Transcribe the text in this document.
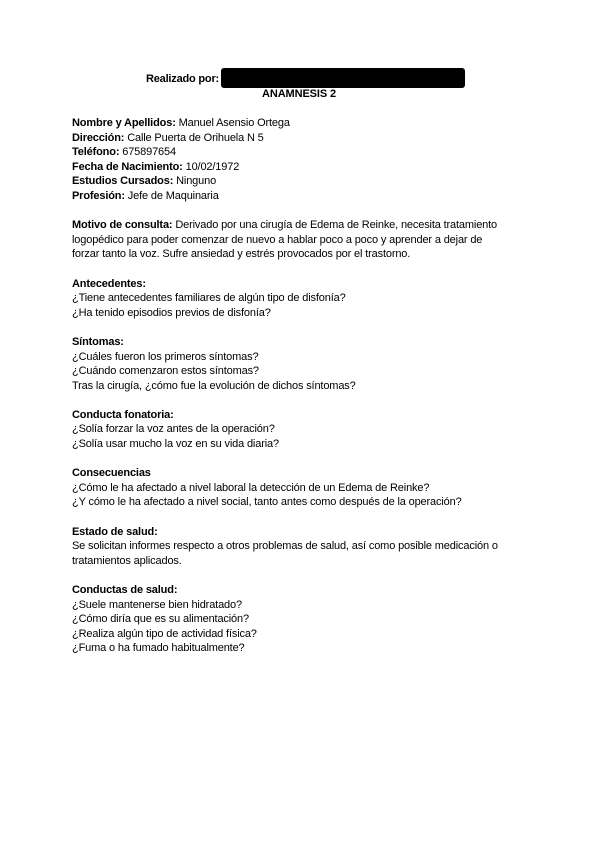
Realizado por:
ANAMNESIS 2
Nombre y Apellidos: Manuel Asensio Ortega
Dirección: Calle Puerta de Orihuela N 5
Teléfono: 675897654
Fecha de Nacimiento: 10/02/1972
Estudios Cursados: Ninguno
Profesión: Jefe de Maquinaria
Motivo de consulta: Derivado por una cirugía de Edema de Reinke, necesita tratamiento
logopédico para poder comenzar de nuevo a hablar poco a poco y aprender a dejar de
forzar tanto la voz. Sufre ansiedad y estrés provocados por el trastorno.
Antecedentes:
¿Tiene antecedentes familiares de algún tipo de disfonía?
¿Ha tenido episodios previos de disfonía?
Síntomas:
¿Cuáles fueron los primeros síntomas?
¿Cuándo comenzaron estos síntomas?
Tras la cirugía, ¿cómo fue la evolución de dichos síntomas?
Conducta fonatoria:
¿Solía forzar la voz antes de la operación?
¿Solía usar mucho la voz en su vida diaria?
Consecuencias
¿Cómo le ha afectado a nivel laboral la detección de un Edema de Reinke?
¿Y cómo le ha afectado a nivel social, tanto antes como después de la operación?
Estado de salud:
Se solicitan informes respecto a otros problemas de salud, así como posible medicación o
tratamientos aplicados.
Conductas de salud:
¿Suele mantenerse bien hidratado?
¿Cómo diría que es su alimentación?
¿Realiza algún tipo de actividad física?
¿Fuma o ha fumado habitualmente?
